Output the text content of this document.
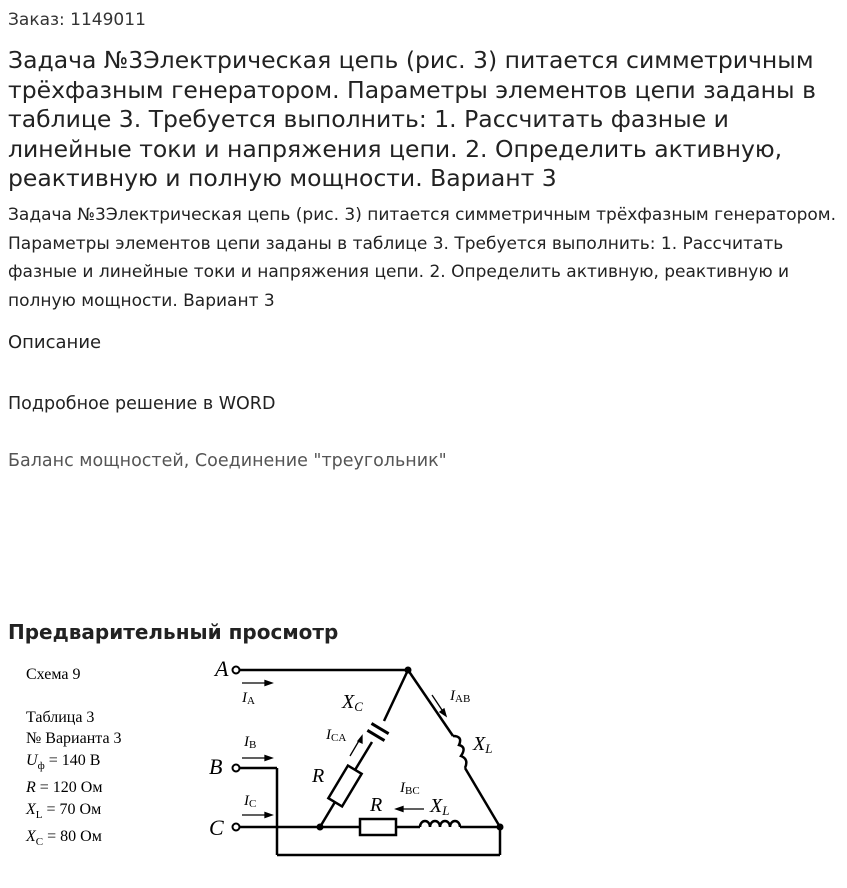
Заказ: 1149011
Задача №3Электрическая цепь (рис. 3) питается симметричным трёхфазным генератором. Параметры элементов цепи заданы в таблице 3. Требуется выполнить: 1. Рассчитать фазные и линейные токи и напряжения цепи. 2. Определить активную, реактивную и полную мощности. Вариант 3
Задача №3Электрическая цепь (рис. 3) питается симметричным трёхфазным генератором. Параметры элементов цепи заданы в таблице 3. Требуется выполнить: 1. Рассчитать фазные и линейные токи и напряжения цепи. 2. Определить активную, реактивную и полную мощности. Вариант 3
Описание
Подробное решение в WORD
Баланс мощностей, Соединение "треугольник"
Предварительный просмотр
Схема 9
Таблица 3
№ Варианта 3
$U_ф = 140$ В
R = 120 Ом
$X_L = 70$ Ом
$X_C = 80$ Ом
A
B
C
IA
IB
IC
IAB
IBC
ICA
XC
XL
XL
R
R
